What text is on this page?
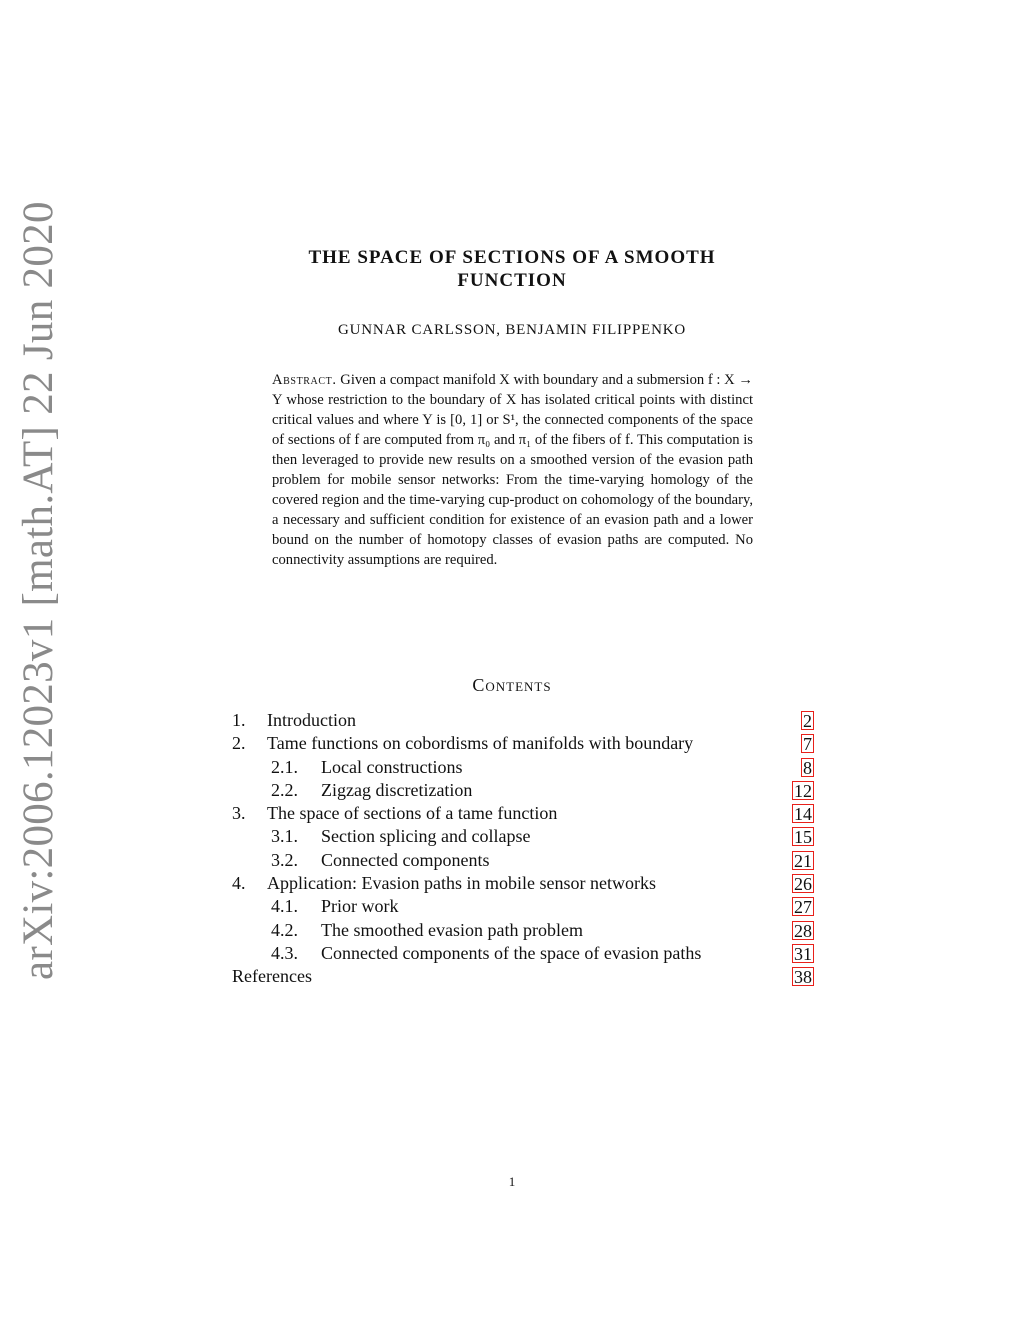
arXiv:2006.12023v1 [math.AT] 22 Jun 2020	THE SPACE OF SECTIONS OF A SMOOTH
FUNCTION
GUNNAR CARLSSON, BENJAMIN FILIPPENKO
Abstract. Given a compact manifold X with boundary and a submersion f : X → Y whose restriction to the boundary of X has isolated critical points with distinct critical values and where Y is [0, 1] or S¹, the connected components of the space of sections of f are computed from π₀ and π₁ of the fibers of f. This computation is then leveraged to provide new results on a smoothed version of the evasion path problem for mobile sensor networks: From the time-varying homology of the covered region and the time-varying cup-product on cohomology of the boundary, a necessary and sufficient condition for existence of an evasion path and a lower bound on the number of homotopy classes of evasion paths are computed. No connectivity assumptions are required.
Contents
1. Introduction	2
2. Tame functions on cobordisms of manifolds with boundary	7
2.1. Local constructions	8
2.2. Zigzag discretization	12
3. The space of sections of a tame function	14
3.1. Section splicing and collapse	15
3.2. Connected components	21
4. Application: Evasion paths in mobile sensor networks	26
4.1. Prior work	27
4.2. The smoothed evasion path problem	28
4.3. Connected components of the space of evasion paths	31
References	38
1
